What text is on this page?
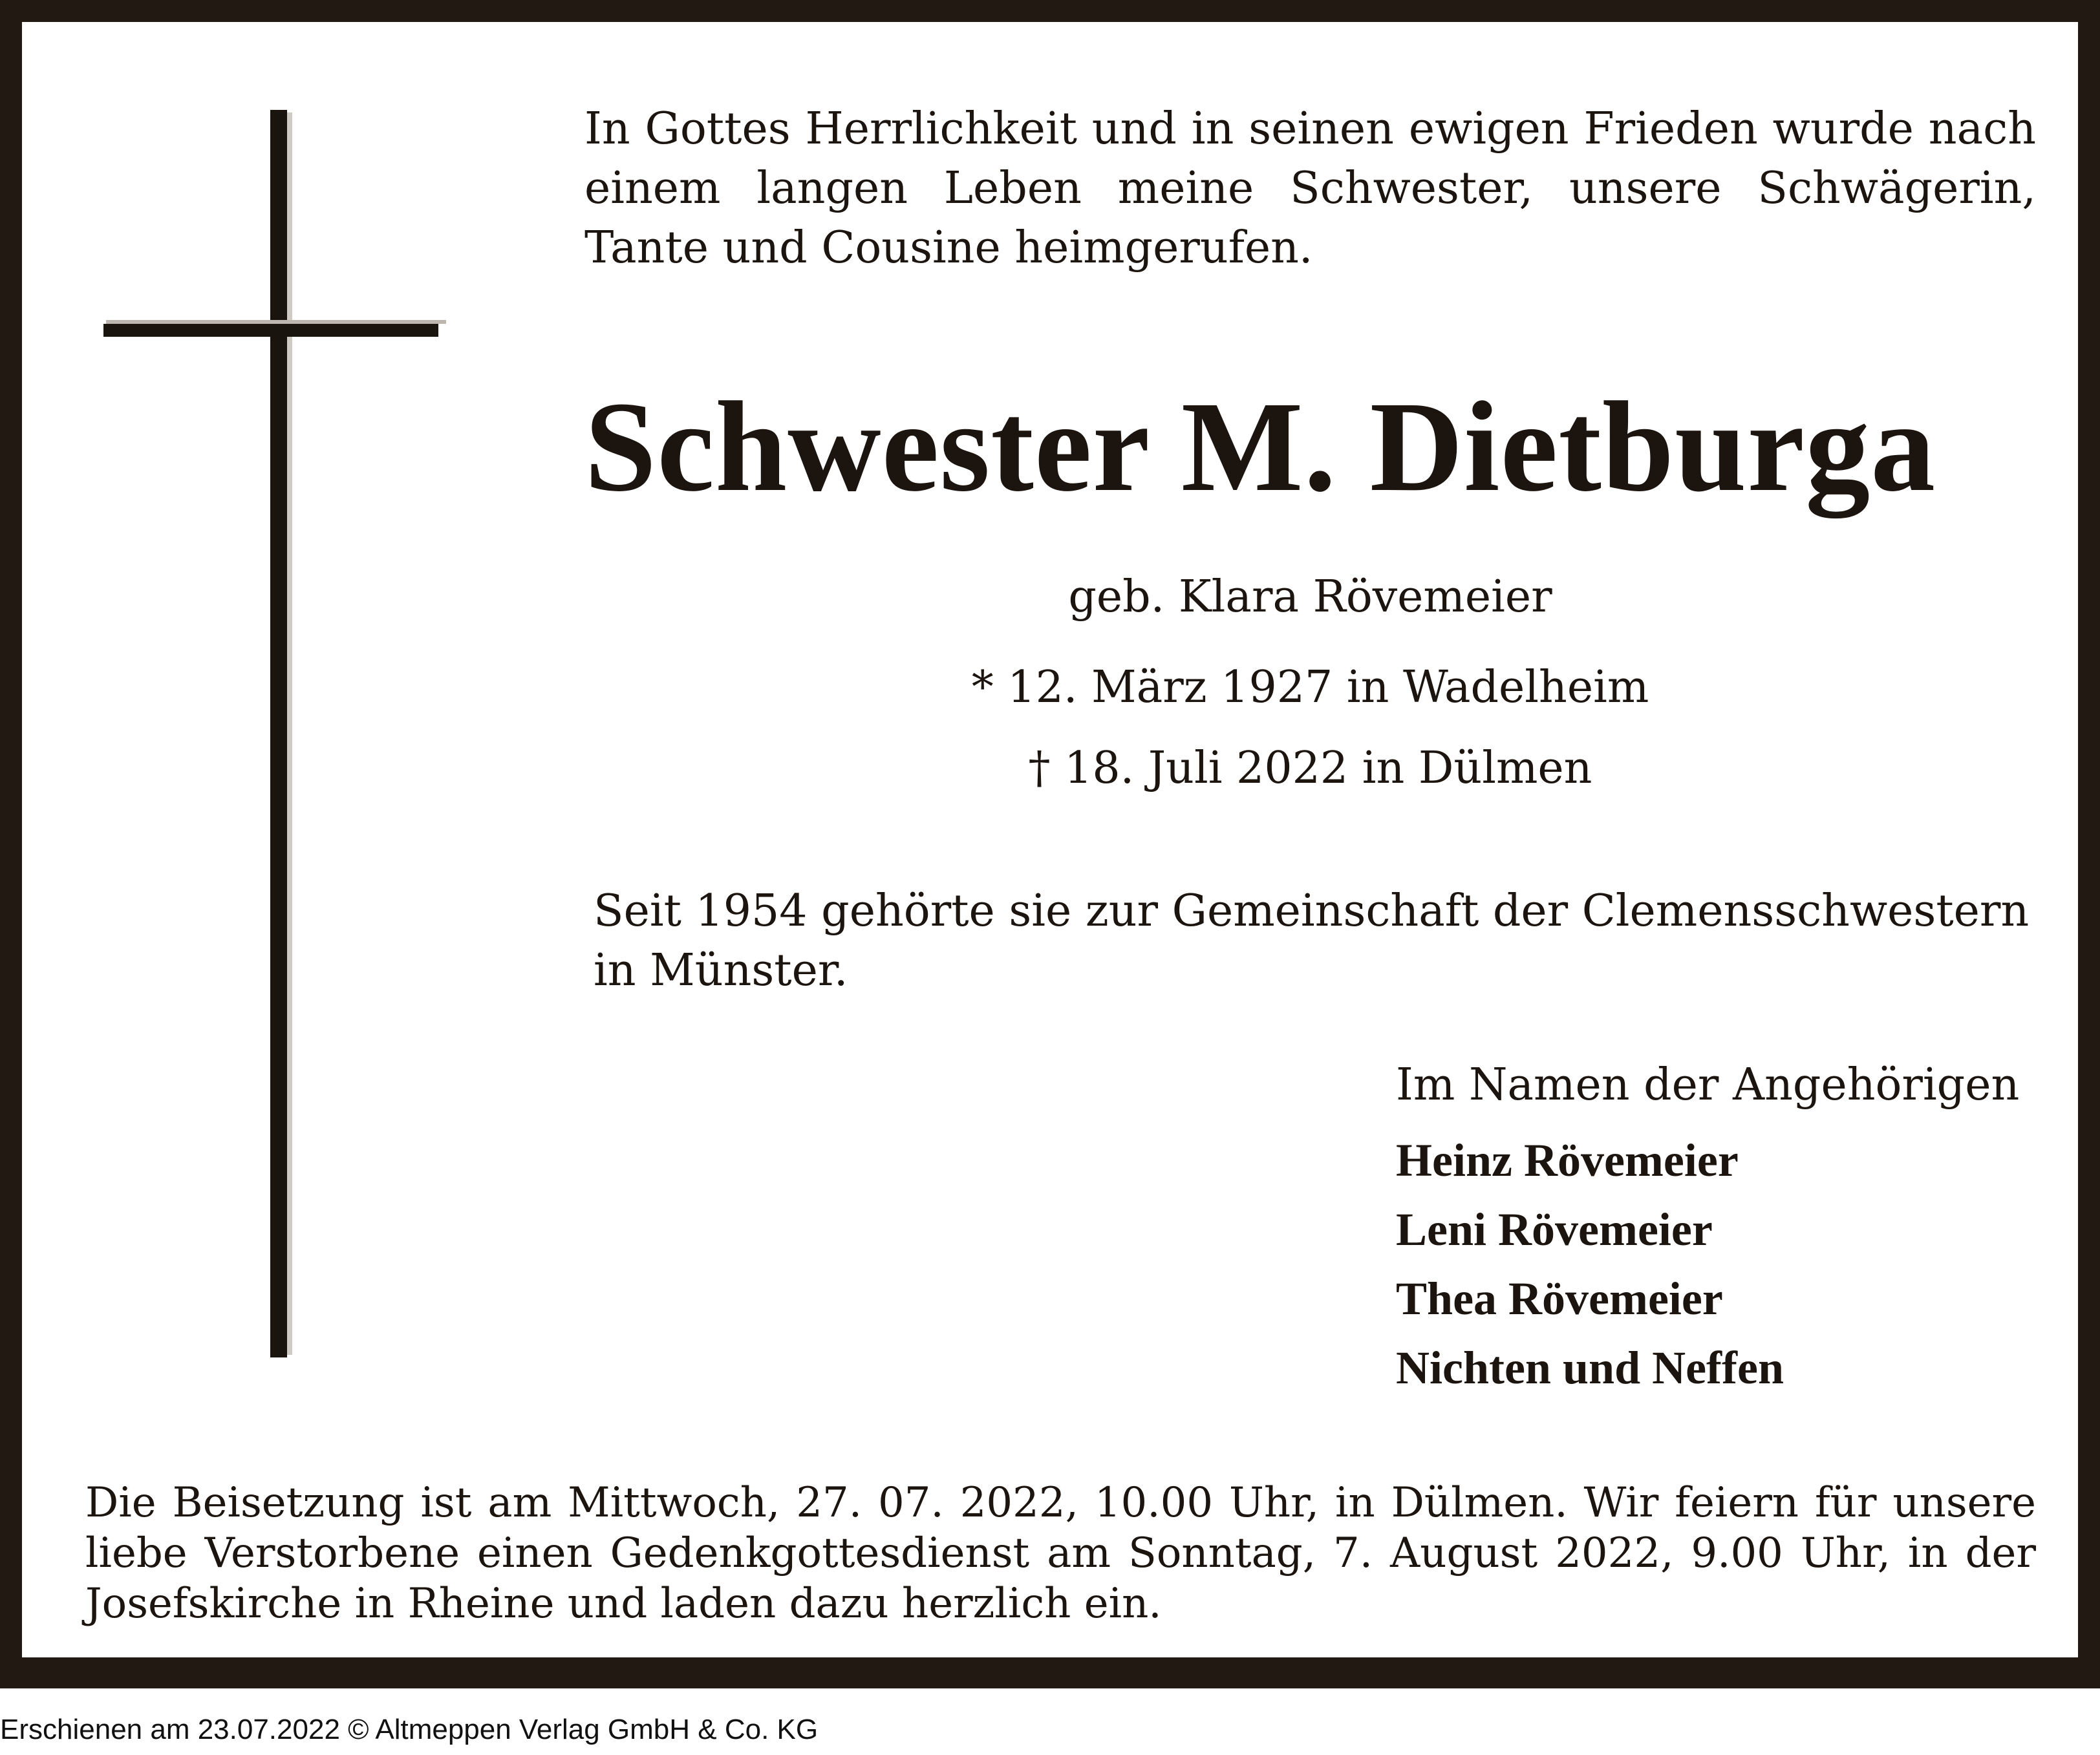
In Gottes Herrlichkeit und in seinen ewigen Frieden wurde nach einem langen Leben meine Schwester, unsere Schwägerin, Tante und Cousine heimgerufen.

Schwester M. Dietburga

geb. Klara Rövemeier

* 12. März 1927 in Wadelheim

† 18. Juli 2022 in Dülmen

Seit 1954 gehörte sie zur Gemeinschaft der Clemensschwestern in Münster.

Im Namen der Angehörigen

Heinz Rövemeier

Leni Rövemeier

Thea Rövemeier

Nichten und Neffen

Die Beisetzung ist am Mittwoch, 27. 07. 2022, 10.00 Uhr, in Dülmen. Wir feiern für unsere liebe Verstorbene einen Gedenkgottesdienst am Sonntag, 7. August 2022, 9.00 Uhr, in der Josefskirche in Rheine und laden dazu herzlich ein.

Erschienen am 23.07.2022 © Altmeppen Verlag GmbH & Co. KG
